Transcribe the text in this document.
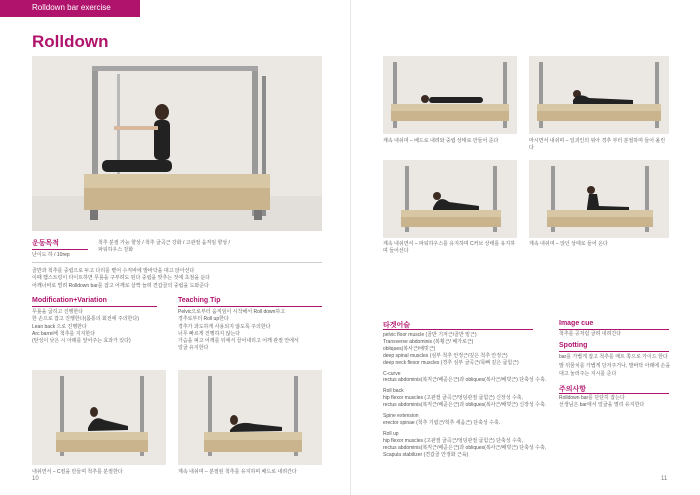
Rolldown bar exercise
Rolldown
운동목적	척추 분절 가능 향상 / 척추 굴곡근 강화 / 고관절 움직임 향상 /
파워하우스 강화
난이도 하 / 10rep
골반과 척추를 중립으로 두고 다리를 뻗어 수직바에 발바닥을 대고 앉아선다
이때 햄스트링이 타이트하면 무릎을 구부려도 된다 중립을 맞추는 것에 초점을 둔다
어깨너비로 벌려 Rolldown bar를 잡고 어깨로 살짝 늘려 견갑골의 중립을 도와준다
Modification+Variation
무릎을 굽히고 진행한다
한 손으로 잡고 진행한다(몸통의 회전에 주의한다)
Lean back 으로 진행한다
Arc barrel에 척추를 지지한다
(탄성이 낮은 시 아래를 앞어주는 효과가 있다)
Teaching Tip
Pelvic으로부터 움직임이 시작해서 Roll down하고
경추로부터 Roll up한다
경추가 과도하게 사용되지 않도록 주의한다
너무 빠르게 진행하지 않는다
가슴을 펴고 어깨를 뒤에서 끌어내리고 어깨 관절 안에서
얼굴 유지한다
내쉬면서 – C컬을 만들며 척추를 분절한다	계속 내쉬며 – 분절된 척추를 유지하며 배드로 내려간다
10
계속 내쉬며 – 배드로 내려와 중립 상태로 만들어 준다	마시면서 내쉬며 – 일괴인의 위아 경추 부터 분절하며 들어 올린다
계속 내쉬면서 – 파워하우스를 유지하며 C커브 상태를 유지하며 들어선다
계속 내쉬며 – 앉던 상태로 들어 온다
타겟어슬
pelvic floor muscle (골반 기저근/골반 밑근)
Transverse abdominis (복횡근/ 배가로근)
obliques(복사근/배빗근)
deep spinal muscles (심부 척추 안정근/깊은 척추 안정근)
deep neck flexor muscles (경추 심부 굴곡근/목뼈 깊은 굽힘근)
C-curve
rectus abdominis(복직근/배곧은근)과 obliques(복사근/배빗근) 단축성 수축.
Roll back
hip flexor muscles (고관절 굴곡근/엉덩관절 굽힘근) 신장성 수축,
rectus abdominis(복직근/배곧은근)과 obliques(복사근/배빗근) 신장성 수축.
Spine extension
erector spinae (척추 기립근/척추 세움근) 단축성 수축.
Roll up
hip flexor muscles (고관절 굴곡근/엉덩관절 굽힘근) 단축성 수축,
rectus abdominis(복직근/배곧은근)과 obliques(복사근/배빗근) 단축성 수축,
Scapula stabilizer (견갑골 안정화 근육)
Image cue
척추를 공처럼 굴려 내려간다
Spotting
bar를 가볍게 잡고 척추를 매트 쪽으로 가이드 한다
발 뒤꿈치를 가볍게 당겨주거나, 발바닥 아래에 손을 대고 눌러주는 지시를 준다
주의사항
Rolldown bar를 단단히 잡는다
선생님은 bar에서 얼굴을 멀리 유지한다
11
